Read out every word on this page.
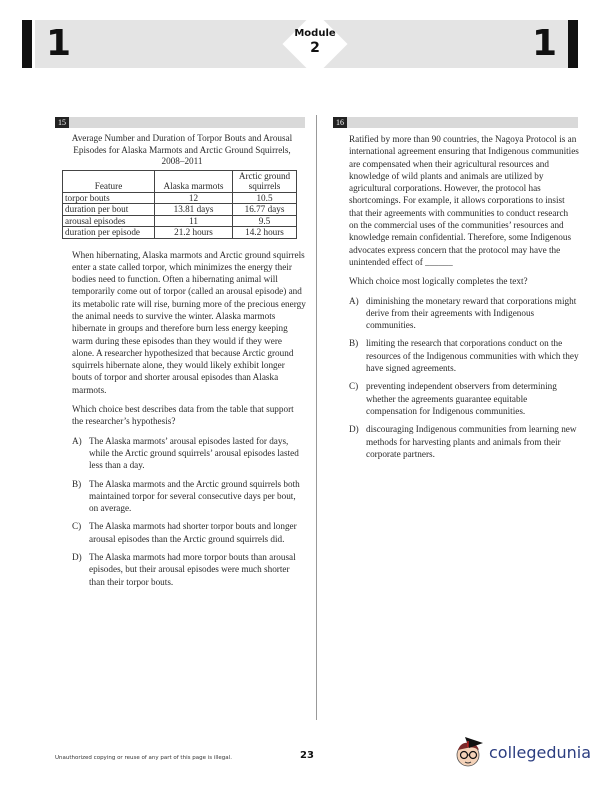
1	1
Module
2
15	16
Average Number and Duration of Torpor Bouts and Arousal Episodes for Alaska Marmots and Arctic Ground Squirrels, 2008–2011
Feature	Alaska marmots	Arctic ground squirrels
torpor bouts	12	10.5
duration per bout	13.81 days	16.77 days
arousal episodes	11	9.5
duration per episode	21.2 hours	14.2 hours

When hibernating, Alaska marmots and Arctic ground squirrels enter a state called torpor, which minimizes the energy their bodies need to function. Often a hibernating animal will temporarily come out of torpor (called an arousal episode) and its metabolic rate will rise, burning more of the precious energy the animal needs to survive the winter. Alaska marmots hibernate in groups and therefore burn less energy keeping warm during these episodes than they would if they were alone. A researcher hypothesized that because Arctic ground squirrels hibernate alone, they would likely exhibit longer bouts of torpor and shorter arousal episodes than Alaska marmots.

Which choice best describes data from the table that support the researcher’s hypothesis?

A) The Alaska marmots’ arousal episodes lasted for days, while the Arctic ground squirrels’ arousal episodes lasted less than a day.
B) The Alaska marmots and the Arctic ground squirrels both maintained torpor for several consecutive days per bout, on average.
C) The Alaska marmots had shorter torpor bouts and longer arousal episodes than the Arctic ground squirrels did.
D) The Alaska marmots had more torpor bouts than arousal episodes, but their arousal episodes were much shorter than their torpor bouts.

Ratified by more than 90 countries, the Nagoya Protocol is an international agreement ensuring that Indigenous communities are compensated when their agricultural resources and knowledge of wild plants and animals are utilized by agricultural corporations. However, the protocol has shortcomings. For example, it allows corporations to insist that their agreements with communities to conduct research on the commercial uses of the communities’ resources and knowledge remain confidential. Therefore, some Indigenous advocates express concern that the protocol may have the unintended effect of ______

Which choice most logically completes the text?

A) diminishing the monetary reward that corporations might derive from their agreements with Indigenous communities.
B) limiting the research that corporations conduct on the resources of the Indigenous communities with which they have signed agreements.
C) preventing independent observers from determining whether the agreements guarantee equitable compensation for Indigenous communities.
D) discouraging Indigenous communities from learning new methods for harvesting plants and animals from their corporate partners.
Unauthorized copying or reuse of any part of this page is illegal.	23	collegedunia
